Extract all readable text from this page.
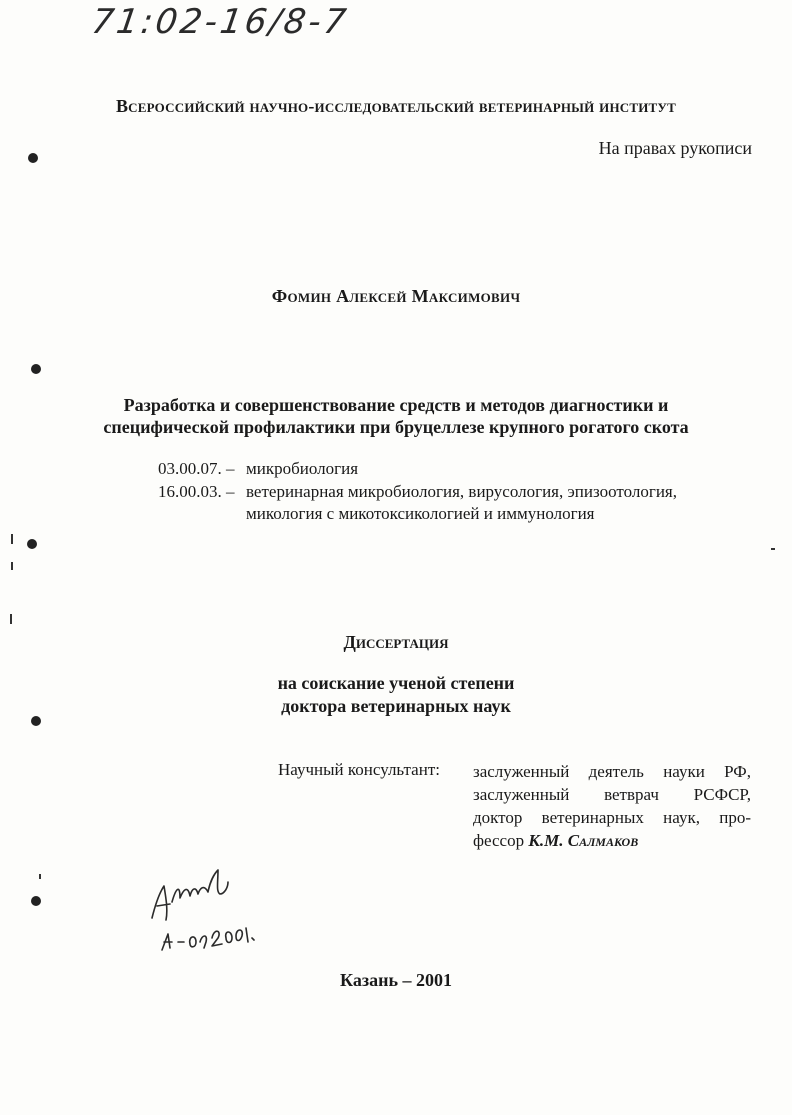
71:02-16/8-7
Всероссийский научно-исследовательский ветеринарный институт
На правах рукописи
Фомин Алексей Максимович
Разработка и совершенствование средств и методов диагностики и
специфической профилактики при бруцеллезе крупного рогатого скота
03.00.07. – микробиология
16.00.03. – ветеринарная микробиология, вирусология, эпизоотология,
микология с микотоксикологией и иммунология
Диссертация
на соискание ученой степени
доктора ветеринарных наук
Научный консультант: заслуженный деятель науки РФ,
заслуженный ветврач РСФСР,
доктор ветеринарных наук, про-
фессор К.М. Салмаков
Казань – 2001
